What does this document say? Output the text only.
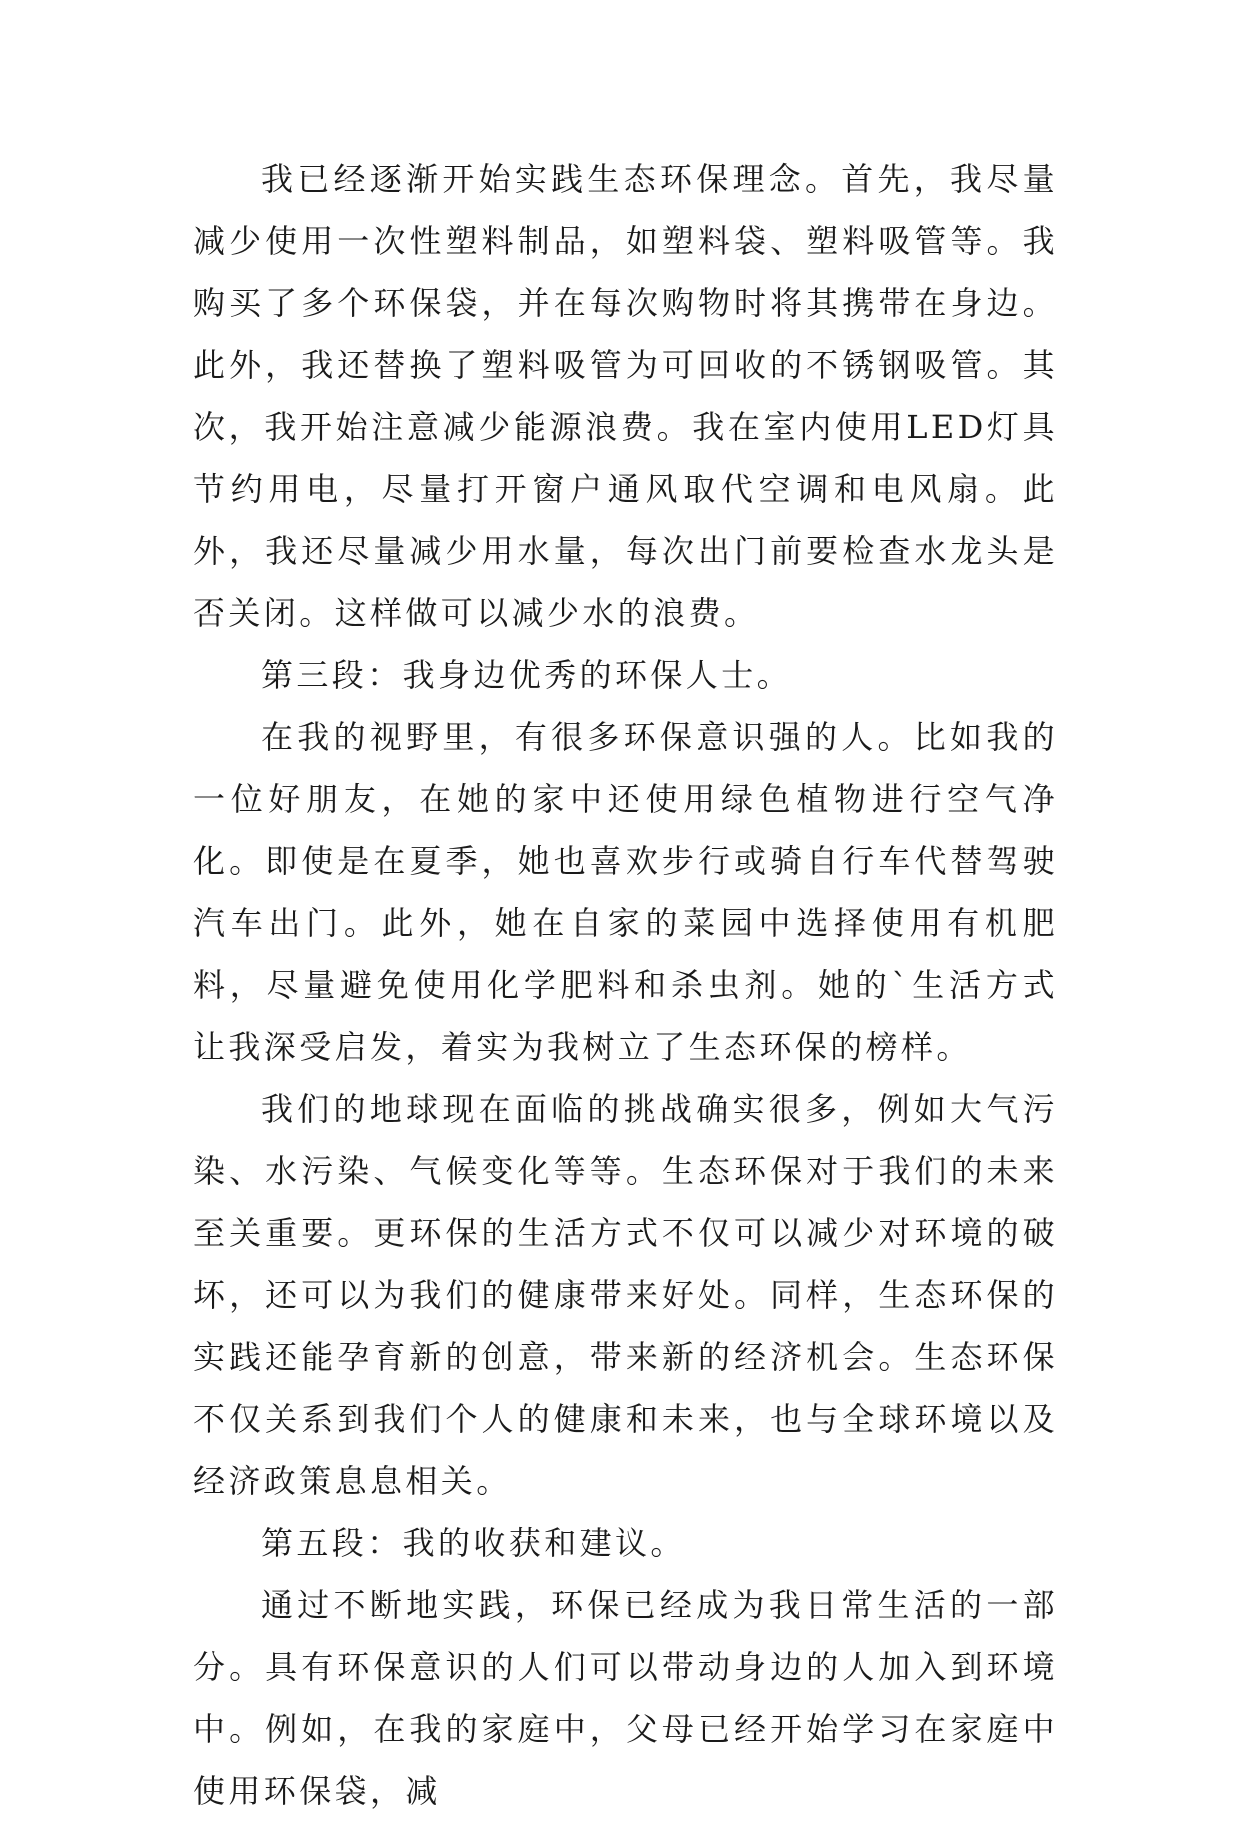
我已经逐渐开始实践生态环保理念。首先，我尽量减少使用一次性塑料制品，如塑料袋、塑料吸管等。我购买了多个环保袋，并在每次购物时将其携带在身边。此外，我还替换了塑料吸管为可回收的不锈钢吸管。其次，我开始注意减少能源浪费。我在室内使用LED灯具节约用电，尽量打开窗户通风取代空调和电风扇。此外，我还尽量减少用水量，每次出门前要检查水龙头是否关闭。这样做可以减少水的浪费。

第三段：我身边优秀的环保人士。

在我的视野里，有很多环保意识强的人。比如我的一位好朋友，在她的家中还使用绿色植物进行空气净化。即使是在夏季，她也喜欢步行或骑自行车代替驾驶汽车出门。此外，她在自家的菜园中选择使用有机肥料，尽量避免使用化学肥料和杀虫剂。她的`生活方式让我深受启发，着实为我树立了生态环保的榜样。

我们的地球现在面临的挑战确实很多，例如大气污染、水污染、气候变化等等。生态环保对于我们的未来至关重要。更环保的生活方式不仅可以减少对环境的破坏，还可以为我们的健康带来好处。同样，生态环保的实践还能孕育新的创意，带来新的经济机会。生态环保不仅关系到我们个人的健康和未来，也与全球环境以及经济政策息息相关。

第五段：我的收获和建议。

通过不断地实践，环保已经成为我日常生活的一部分。具有环保意识的人们可以带动身边的人加入到环境中。例如，在我的家庭中，父母已经开始学习在家庭中使用环保袋，减
